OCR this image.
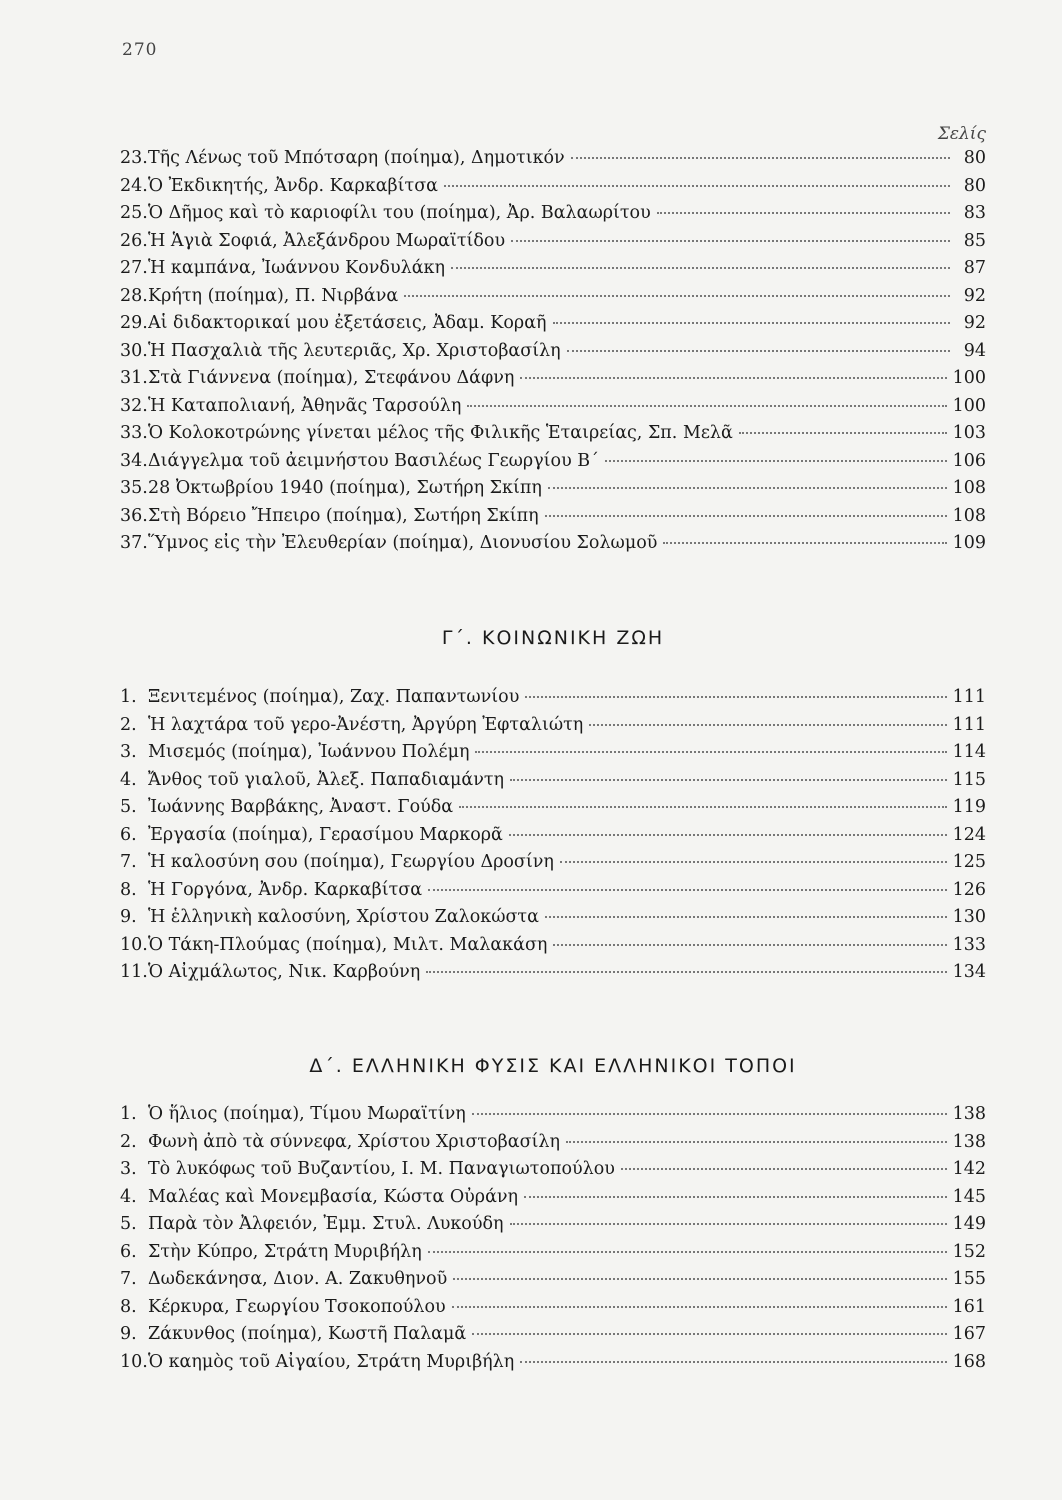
270
Σελίς
23. Τῆς Λένως τοῦ Μπότσαρη (ποίημα), Δημοτικόν	80
24. Ὁ Ἐκδικητής, Ἀνδρ. Καρκαβίτσα	80
25. Ὁ Δῆμος καὶ τὸ καριοφίλι του (ποίημα), Ἀρ. Βαλαωρίτου	83
26. Ἡ Ἁγιὰ Σοφιά, Ἀλεξάνδρου Μωραϊτίδου	85
27. Ἡ καμπάνα, Ἰωάννου Κονδυλάκη	87
28. Κρήτη (ποίημα), Π. Νιρβάνα	92
29. Αἱ διδακτορικαί μου ἐξετάσεις, Ἀδαμ. Κοραῆ	92
30. Ἡ Πασχαλιὰ τῆς λευτεριᾶς, Χρ. Χριστοβασίλη	94
31. Στὰ Γιάννενα (ποίημα), Στεφάνου Δάφνη	100
32. Ἡ Καταπολιανή, Ἀθηνᾶς Ταρσούλη	100
33. Ὁ Κολοκοτρώνης γίνεται μέλος τῆς Φιλικῆς Ἑταιρείας, Σπ. Μελᾶ	103
34. Διάγγελμα τοῦ ἀειμνήστου Βασιλέως Γεωργίου Β΄	106
35. 28 Ὀκτωβρίου 1940 (ποίημα), Σωτήρη Σκίπη	108
36. Στὴ Βόρειο Ἤπειρο (ποίημα), Σωτήρη Σκίπη	108
37. Ὕμνος εἰς τὴν Ἐλευθερίαν (ποίημα), Διονυσίου Σολωμοῦ	109
Γ΄. ΚΟΙΝΩΝΙΚΗ ΖΩΗ
1. Ξενιτεμένος (ποίημα), Ζαχ. Παπαντωνίου	111
2. Ἡ λαχτάρα τοῦ γερο-Ἀνέστη, Ἀργύρη Ἐφταλιώτη	111
3. Μισεμός (ποίημα), Ἰωάννου Πολέμη	114
4. Ἄνθος τοῦ γιαλοῦ, Ἀλεξ. Παπαδιαμάντη	115
5. Ἰωάννης Βαρβάκης, Ἀναστ. Γούδα	119
6. Ἐργασία (ποίημα), Γερασίμου Μαρκορᾶ	124
7. Ἡ καλοσύνη σου (ποίημα), Γεωργίου Δροσίνη	125
8. Ἡ Γοργόνα, Ἀνδρ. Καρκαβίτσα	126
9. Ἡ ἑλληνικὴ καλοσύνη, Χρίστου Ζαλοκώστα	130
10. Ὁ Τάκη-Πλούμας (ποίημα), Μιλτ. Μαλακάση	133
11. Ὁ Αἰχμάλωτος, Νικ. Καρβούνη	134
Δ΄. ΕΛΛΗΝΙΚΗ ΦΥΣΙΣ ΚΑΙ ΕΛΛΗΝΙΚΟΙ ΤΟΠΟΙ
1. Ὁ ἥλιος (ποίημα), Τίμου Μωραϊτίνη	138
2. Φωνὴ ἀπὸ τὰ σύννεφα, Χρίστου Χριστοβασίλη	138
3. Τὸ λυκόφως τοῦ Βυζαντίου, Ι. Μ. Παναγιωτοπούλου	142
4. Μαλέας καὶ Μονεμβασία, Κώστα Οὐράνη	145
5. Παρὰ τὸν Ἀλφειόν, Ἐμμ. Στυλ. Λυκούδη	149
6. Στὴν Κύπρο, Στράτη Μυριβήλη	152
7. Δωδεκάνησα, Διον. Α. Ζακυθηνοῦ	155
8. Κέρκυρα, Γεωργίου Τσοκοπούλου	161
9. Ζάκυνθος (ποίημα), Κωστῆ Παλαμᾶ	167
10. Ὁ καημὸς τοῦ Αἰγαίου, Στράτη Μυριβήλη	168
